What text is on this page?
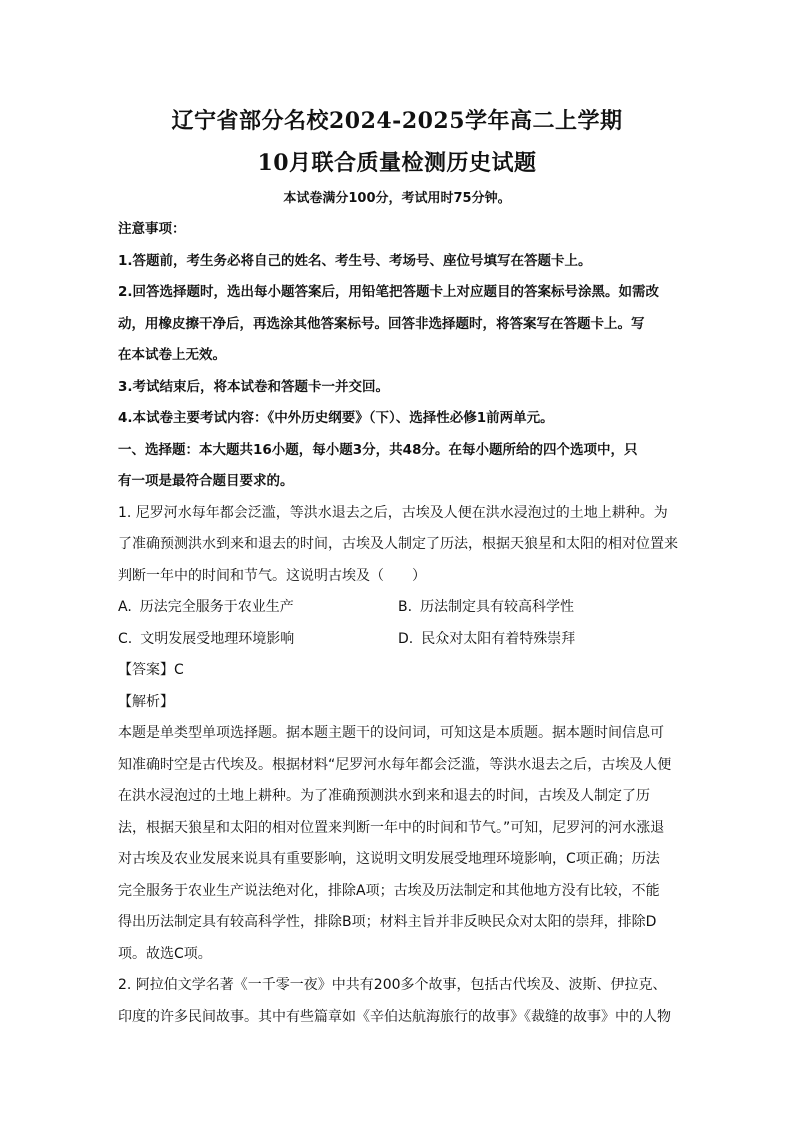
辽宁省部分名校2024-2025学年高二上学期
10月联合质量检测历史试题
本试卷满分100分，考试用时75分钟。

注意事项：

1.答题前，考生务必将自己的姓名、考生号、考场号、座位号填写在答题卡上。

2.回答选择题时，选出每小题答案后，用铅笔把答题卡上对应题目的答案标号涂黑。如需改

动，用橡皮擦干净后，再选涂其他答案标号。回答非选择题时，将答案写在答题卡上。写

在本试卷上无效。

3.考试结束后，将本试卷和答题卡一并交回。

4.本试卷主要考试内容：《中外历史纲要》（下）、选择性必修1前两单元。

一、选择题：本大题共16小题，每小题3分，共48分。在每小题所给的四个选项中，只

有一项是最符合题目要求的。

1. 尼罗河水每年都会泛滥，等洪水退去之后，古埃及人便在洪水浸泡过的土地上耕种。为

了准确预测洪水到来和退去的时间，古埃及人制定了历法，根据天狼星和太阳的相对位置来

判断一年中的时间和节气。这说明古埃及（　　）

A. 历法完全服务于农业生产	B. 历法制定具有较高科学性
C. 文明发展受地理环境影响	D. 民众对太阳有着特殊崇拜

【答案】C

【解析】

本题是单类型单项选择题。据本题主题干的设问词，可知这是本质题。据本题时间信息可

知准确时空是古代埃及。根据材料“尼罗河水每年都会泛滥，等洪水退去之后，古埃及人便

在洪水浸泡过的土地上耕种。为了准确预测洪水到来和退去的时间，古埃及人制定了历

法，根据天狼星和太阳的相对位置来判断一年中的时间和节气。”可知，尼罗河的河水涨退

对古埃及农业发展来说具有重要影响，这说明文明发展受地理环境影响，C项正确；历法

完全服务于农业生产说法绝对化，排除A项；古埃及历法制定和其他地方没有比较，不能

得出历法制定具有较高科学性，排除B项；材料主旨并非反映民众对太阳的崇拜，排除D

项。故选C项。

2. 阿拉伯文学名著《一千零一夜》中共有200多个故事，包括古代埃及、波斯、伊拉克、

印度的许多民间故事。其中有些篇章如《辛伯达航海旅行的故事》《裁缝的故事》中的人物
